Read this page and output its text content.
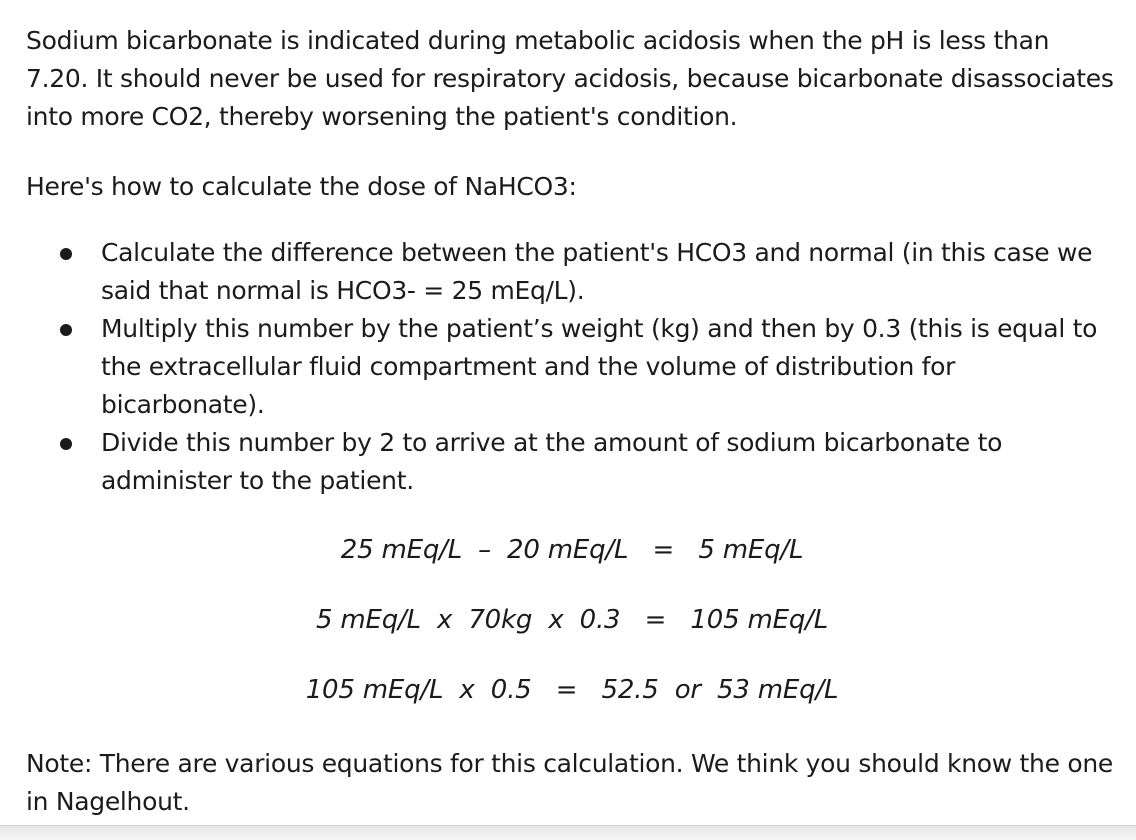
Sodium bicarbonate is indicated during metabolic acidosis when the pH is less than 7.20. It should never be used for respiratory acidosis, because bicarbonate disassociates into more CO2, thereby worsening the patient's condition.

Here's how to calculate the dose of NaHCO3:

Calculate the difference between the patient's HCO3 and normal (in this case we said that normal is HCO3- = 25 mEq/L).
Multiply this number by the patient’s weight (kg) and then by 0.3 (this is equal to the extracellular fluid compartment and the volume of distribution for bicarbonate).
Divide this number by 2 to arrive at the amount of sodium bicarbonate to administer to the patient.
25 mEq/L  –  20 mEq/L = 5 mEq/L
5 mEq/L  x  70kg  x  0.3 = 105 mEq/L
105 mEq/L  x  0.5 = 52.5  or  53 mEq/L

Note: There are various equations for this calculation. We think you should know the one in Nagelhout.
